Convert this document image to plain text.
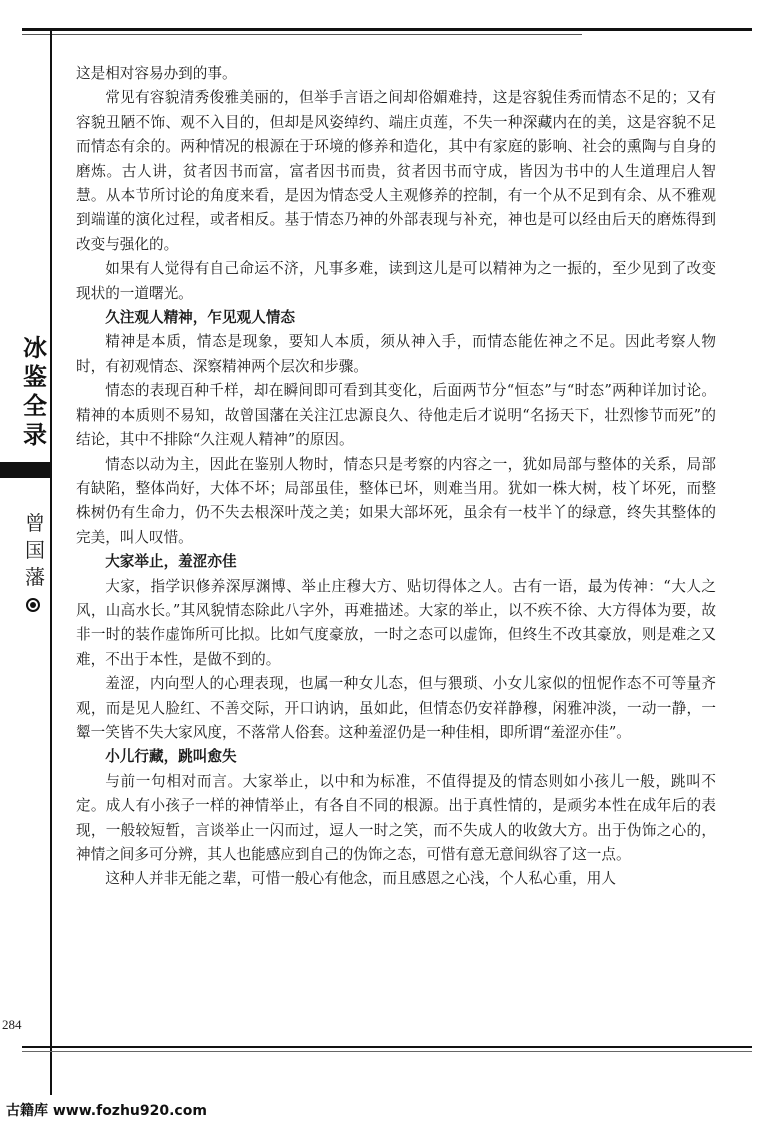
冰鉴全录
曾国藩

这是相对容易办到的事。

常见有容貌清秀俊雅美丽的，但举手言语之间却俗媚难持，这是容貌佳秀而情态不足的；又有容貌丑陋不饰、观不入目的，但却是风姿绰约、端庄贞莲，不失一种深藏内在的美，这是容貌不足而情态有余的。两种情况的根源在于环境的修养和造化，其中有家庭的影响、社会的熏陶与自身的磨炼。古人讲，贫者因书而富，富者因书而贵，贫者因书而守成，皆因为书中的人生道理启人智慧。从本节所讨论的角度来看，是因为情态受人主观修养的控制，有一个从不足到有余、从不雅观到端谨的演化过程，或者相反。基于情态乃神的外部表现与补充，神也是可以经由后天的磨炼得到改变与强化的。

如果有人觉得有自己命运不济，凡事多难，读到这儿是可以精神为之一振的，至少见到了改变现状的一道曙光。

久注观人精神，乍见观人情态

精神是本质，情态是现象，要知人本质，须从神入手，而情态能佐神之不足。因此考察人物时，有初观情态、深察精神两个层次和步骤。

情态的表现百种千样，却在瞬间即可看到其变化，后面两节分“恒态”与“时态”两种详加讨论。精神的本质则不易知，故曾国藩在关注江忠源良久、待他走后才说明“名扬天下，壮烈惨节而死”的结论，其中不排除“久注观人精神”的原因。

情态以动为主，因此在鉴别人物时，情态只是考察的内容之一，犹如局部与整体的关系，局部有缺陷，整体尚好，大体不坏；局部虽佳，整体已坏，则难当用。犹如一株大树，枝丫坏死，而整株树仍有生命力，仍不失去根深叶茂之美；如果大部坏死，虽余有一枝半丫的绿意，终失其整体的完美，叫人叹惜。

大家举止，羞涩亦佳

大家，指学识修养深厚渊博、举止庄穆大方、贴切得体之人。古有一语，最为传神：“大人之风，山高水长。”其风貌情态除此八字外，再难描述。大家的举止，以不疾不徐、大方得体为要，故非一时的装作虚饰所可比拟。比如气度豪放，一时之态可以虚饰，但终生不改其豪放，则是难之又难，不出于本性，是做不到的。

羞涩，内向型人的心理表现，也属一种女儿态，但与猥琐、小女儿家似的忸怩作态不可等量齐观，而是见人脸红、不善交际，开口讷讷，虽如此，但情态仍安祥静穆，闲雅冲淡，一动一静，一颦一笑皆不失大家风度，不落常人俗套。这种羞涩仍是一种佳相，即所谓“羞涩亦佳”。

小儿行藏，跳叫愈失

与前一句相对而言。大家举止，以中和为标准，不值得提及的情态则如小孩儿一般，跳叫不定。成人有小孩子一样的神情举止，有各自不同的根源。出于真性情的，是顽劣本性在成年后的表现，一般较短暂，言谈举止一闪而过，逗人一时之笑，而不失成人的收敛大方。出于伪饰之心的，神情之间多可分辨，其人也能感应到自己的伪饰之态，可惜有意无意间纵容了这一点。

这种人并非无能之辈，可惜一般心有他念，而且感恩之心浅，个人私心重，用人

284
古籍库 www.fozhu920.com
